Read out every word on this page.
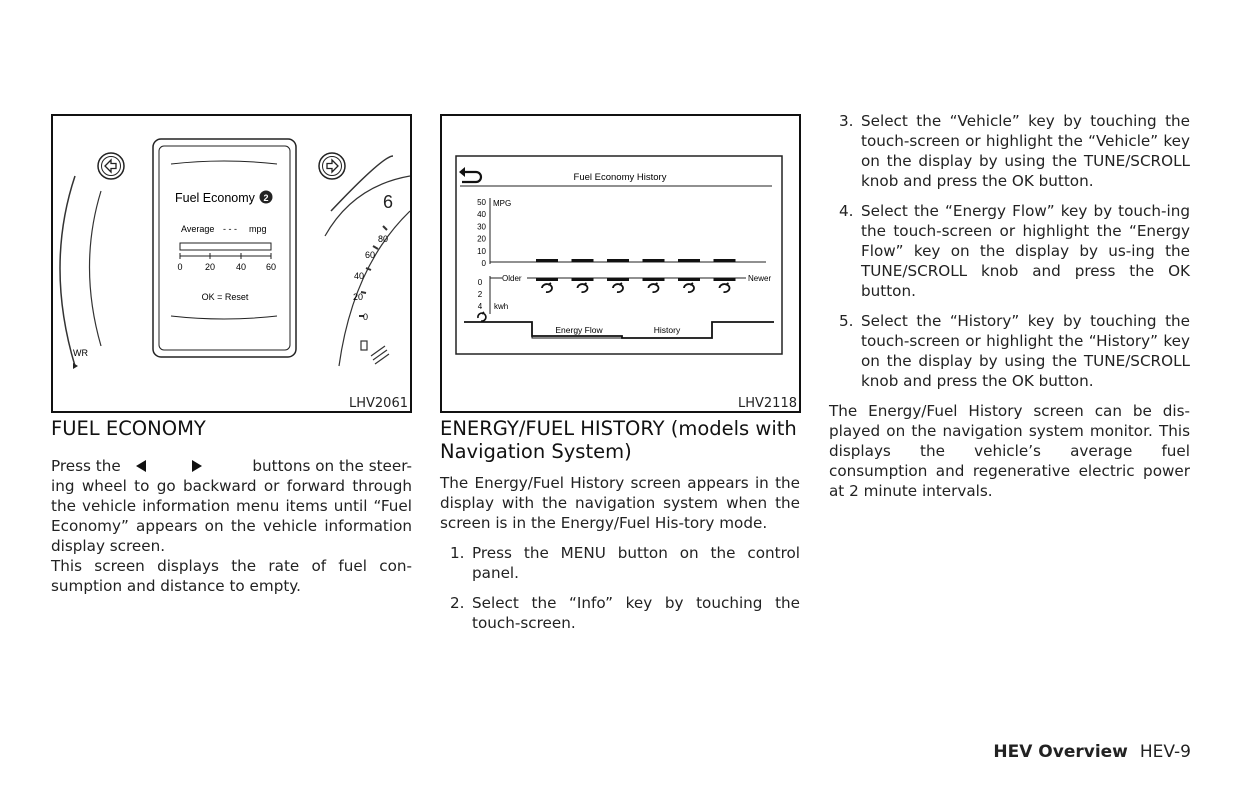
80
60
40
20
0
6
WR
Fuel Economy 2
Average - - - mpg
0 20 40 60
OK = Reset
LHV2061
Fuel Economy History
MPG
50
40
30
20
10
0
Older	Newer
0
2
4 kwh
Energy Flow	History
LHV2118
FUEL ECONOMY
Press the	buttons on the steer-

ing wheel to go backward or forward through the vehicle information menu items until “Fuel Economy” appears on the vehicle information display screen.

This screen displays the rate of fuel con-sumption and distance to empty.

ENERGY/FUEL HISTORY (models with Navigation System)

The Energy/Fuel History screen appears in the display with the navigation system when the screen is in the Energy/Fuel His-tory mode.

1. Press the MENU button on the control panel.
2. Select the “Info” key by touching the touch-screen.
3. Select the “Vehicle” key by touching the touch-screen or highlight the “Vehicle” key on the display by using the TUNE/SCROLL knob and press the OK button.
4. Select the “Energy Flow” key by touch-ing the touch-screen or highlight the “Energy Flow” key on the display by us-ing the TUNE/SCROLL knob and press the OK button.
5. Select the “History” key by touching the touch-screen or highlight the “History” key on the display by using the TUNE/SCROLL knob and press the OK button.

The Energy/Fuel History screen can be dis-played on the navigation system monitor. This displays the vehicle’s average fuel consumption and regenerative electric power at 2 minute intervals.

HEV Overview HEV-9
